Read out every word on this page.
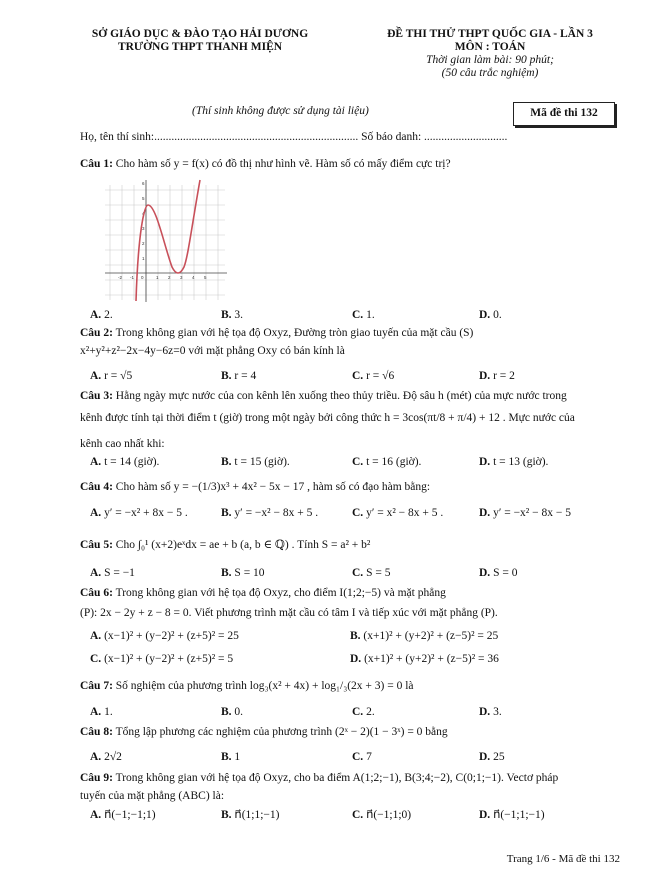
SỞ GIÁO DỤC & ĐÀO TẠO HẢI DƯƠNG
TRƯỜNG THPT THANH MIỆN
ĐỀ THI THỬ THPT QUỐC GIA - LẦN 3
MÔN : TOÁN
Thời gian làm bài: 90 phút;
(50 câu trắc nghiệm)
(Thí sinh không được sử dụng tài liệu)	Mã đề thi 132
Họ, tên thí sinh:....................................................................... Số báo danh: .............................
Câu 1: Cho hàm số y = f(x) có đồ thị như hình vẽ. Hàm số có mấy điểm cực trị?
-2 -1 0	1 2 3 4 5
1
2
3
4
5
6
A. 2.	B. 3.	C. 1.	D. 0.
Câu 2: Trong không gian với hệ tọa độ Oxyz, Đường tròn giao tuyến của mặt cầu (S)
x²+y²+z²−2x−4y−6z=0 với mặt phẳng Oxy có bán kính là
A. r = √5	B. r = 4	C. r = √6	D. r = 2
Câu 3: Hằng ngày mực nước của con kênh lên xuống theo thủy triều. Độ sâu h (mét) của mực nước trong
kênh được tính tại thời điểm t (giờ) trong một ngày bởi công thức h = 3cos(πt/8 + π/4) + 12 . Mực nước của
kênh cao nhất khi:
A. t = 14 (giờ).	B. t = 15 (giờ).	C. t = 16 (giờ).	D. t = 13 (giờ).
Câu 4: Cho hàm số y = −(1/3)x³ + 4x² − 5x − 17 , hàm số có đạo hàm bằng:
A. y′ = −x² + 8x − 5 .	B. y′ = −x² − 8x + 5 .	C. y′ = x² − 8x + 5 .	D. y′ = −x² − 8x − 5
Câu 5: Cho ∫₀¹ (x+2)eˣdx = ae + b (a, b ∈ ℚ) . Tính S = a² + b²
A. S = −1	B. S = 10	C. S = 5	D. S = 0
Câu 6: Trong không gian với hệ tọa độ Oxyz, cho điểm I(1;2;−5) và mặt phẳng
(P): 2x − 2y + z − 8 = 0. Viết phương trình mặt cầu có tâm I và tiếp xúc với mặt phẳng (P).
A. (x−1)² + (y−2)² + (z+5)² = 25	B. (x+1)² + (y+2)² + (z−5)² = 25
C. (x−1)² + (y−2)² + (z+5)² = 5	D. (x+1)² + (y+2)² + (z−5)² = 36
Câu 7: Số nghiệm của phương trình log₃(x² + 4x) + log₁/₃(2x + 3) = 0 là
A. 1.	B. 0.	C. 2.	D. 3.
Câu 8: Tổng lập phương các nghiệm của phương trình (2ˣ − 2)(1 − 3ˣ) = 0 bằng
A. 2√2	B. 1	C. 7	D. 25
Câu 9: Trong không gian với hệ tọa độ Oxyz, cho ba điểm A(1;2;−1), B(3;4;−2), C(0;1;−1). Vectơ pháp
tuyến của mặt phẳng (ABC) là:
A. n⃗(−1;−1;1)	B. n⃗(1;1;−1)	C. n⃗(−1;1;0)	D. n⃗(−1;1;−1)
Trang 1/6 - Mã đề thi 132
